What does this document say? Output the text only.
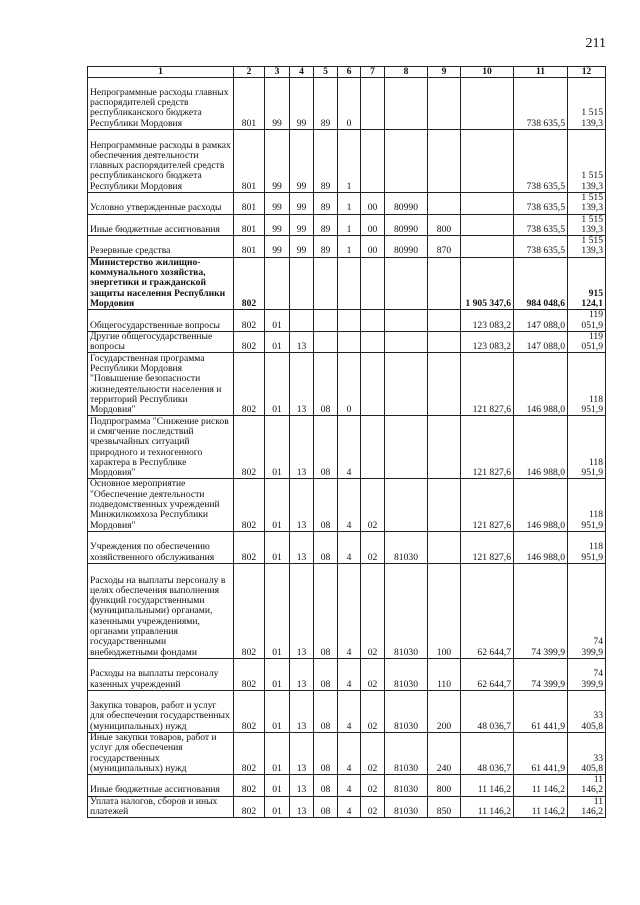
211
1	2	3	4	5	6	7	8	9	10	11	12
Непрограммные расходы главных распорядителей средств республиканского бюджета Республики Мордовия	801	99	99	89	0					738 635,5	1 515 139,3
Непрограммные расходы в рамках обеспечения деятельности главных распорядителей средств республиканского бюджета Республики Мордовия	801	99	99	89	1					738 635,5	1 515 139,3
Условно утвержденные расходы	801	99	99	89	1	00	80990			738 635,5	1 515 139,3
Иные бюджетные ассигнования	801	99	99	89	1	00	80990	800		738 635,5	1 515 139,3
Резервные средства	801	99	99	89	1	00	80990	870		738 635,5	1 515 139,3
Министерство жилищно-коммунального хозяйства, энергетики и гражданской защиты населения Республики Мордовия	802								1 905 347,6	984 048,6	915 124,1
Общегосударственные вопросы	802	01							123 083,2	147 088,0	119 051,9
Другие общегосударственные вопросы	802	01	13						123 083,2	147 088,0	119 051,9
Государственная программа Республики Мордовия "Повышение безопасности жизнедеятельности населения и территорий Республики Мордовия"	802	01	13	08	0				121 827,6	146 988,0	118 951,9
Подпрограмма "Снижение рисков и смягчение последствий чрезвычайных ситуаций природного и техногенного характера в Республике Мордовия"	802	01	13	08	4				121 827,6	146 988,0	118 951,9
Основное мероприятие "Обеспечение деятельности подведомственных учреждений Минжилкомхоза Республики Мордовия"	802	01	13	08	4	02			121 827,6	146 988,0	118 951,9
Учреждения по обеспечению хозяйственного обслуживания	802	01	13	08	4	02	81030		121 827,6	146 988,0	118 951,9
Расходы на выплаты персоналу в целях обеспечения выполнения функций государственными (муниципальными) органами, казенными учреждениями, органами управления государственными внебюджетными фондами	802	01	13	08	4	02	81030	100	62 644,7	74 399,9	74 399,9
Расходы на выплаты персоналу казенных учреждений	802	01	13	08	4	02	81030	110	62 644,7	74 399,9	74 399,9
Закупка товаров, работ и услуг для обеспечения государственных (муниципальных) нужд	802	01	13	08	4	02	81030	200	48 036,7	61 441,9	33 405,8
Иные закупки товаров, работ и услуг для обеспечения государственных (муниципальных) нужд	802	01	13	08	4	02	81030	240	48 036,7	61 441,9	33 405,8
Иные бюджетные ассигнования	802	01	13	08	4	02	81030	800	11 146,2	11 146,2	11 146,2
Уплата налогов, сборов и иных платежей	802	01	13	08	4	02	81030	850	11 146,2	11 146,2	11 146,2
